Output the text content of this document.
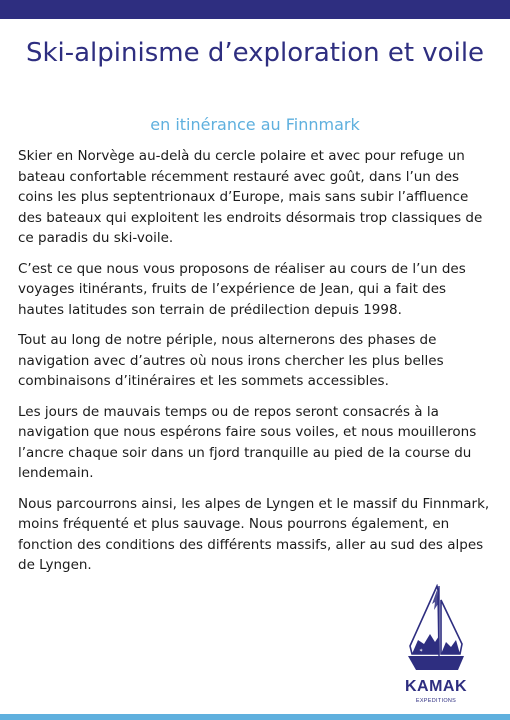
Ski-alpinisme d’exploration et voile
en itinérance au Finnmark

Skier en Norvège au-delà du cercle polaire et avec pour refuge un bateau confortable récemment restauré avec goût, dans l’un des coins les plus septentrionaux d’Europe, mais sans subir l’affluence des bateaux qui exploitent les endroits désormais trop classiques de ce paradis du ski-voile.

C’est ce que nous vous proposons de réaliser au cours de l’un des voyages itinérants, fruits de l’expérience de Jean, qui a fait des hautes latitudes son terrain de prédilection depuis 1998.

Tout au long de notre périple, nous alternerons des phases de navigation avec d’autres où nous irons chercher les plus belles combinaisons d’itinéraires et les sommets accessibles.

Les jours de mauvais temps ou de repos seront consacrés à la navigation que nous espérons faire sous voiles, et nous mouillerons l’ancre chaque soir dans un fjord tranquille au pied de la course du lendemain.

Nous parcourrons ainsi, les alpes de Lyngen et le massif du Finnmark, moins fréquenté et plus sauvage. Nous pourrons également, en fonction des conditions des différents massifs, aller au sud des alpes de Lyngen.

✶
KAMAK
EXPEDITIONS
